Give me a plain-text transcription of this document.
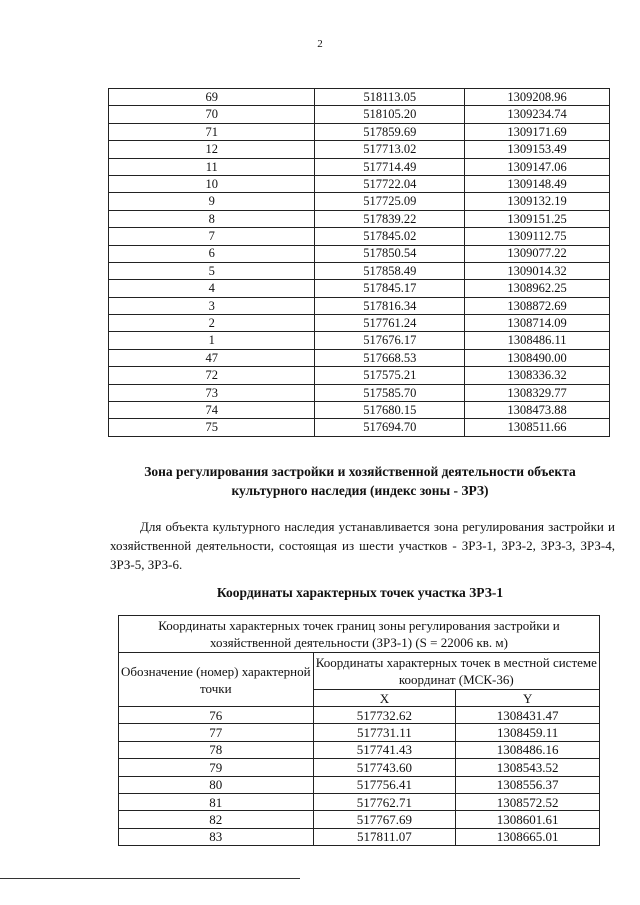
2
69	518113.05	1309208.96
70	518105.20	1309234.74
71	517859.69	1309171.69
12	517713.02	1309153.49
11	517714.49	1309147.06
10	517722.04	1309148.49
9	517725.09	1309132.19
8	517839.22	1309151.25
7	517845.02	1309112.75
6	517850.54	1309077.22
5	517858.49	1309014.32
4	517845.17	1308962.25
3	517816.34	1308872.69
2	517761.24	1308714.09
1	517676.17	1308486.11
47	517668.53	1308490.00
72	517575.21	1308336.32
73	517585.70	1308329.77
74	517680.15	1308473.88
75	517694.70	1308511.66
Зона регулирования застройки и хозяйственной деятельности объекта культурного наследия (индекс зоны - ЗРЗ)

Для объекта культурного наследия устанавливается зона регулирования застройки и хозяйственной деятельности, состоящая из шести участков - ЗРЗ-1, ЗРЗ-2, ЗРЗ-3, ЗРЗ-4, ЗРЗ-5, ЗРЗ-6.

Координаты характерных точек участка ЗРЗ-1
Координаты характерных точек границ зоны регулирования застройки и хозяйственной деятельности (ЗРЗ-1) (S = 22006 кв. м)		
Обозначение (номер) характерной точки	Координаты характерных точек в местной системе координат (МСК-36)	
	X	Y
76	517732.62	1308431.47
77	517731.11	1308459.11
78	517741.43	1308486.16
79	517743.60	1308543.52
80	517756.41	1308556.37
81	517762.71	1308572.52
82	517767.69	1308601.61
83	517811.07	1308665.01
